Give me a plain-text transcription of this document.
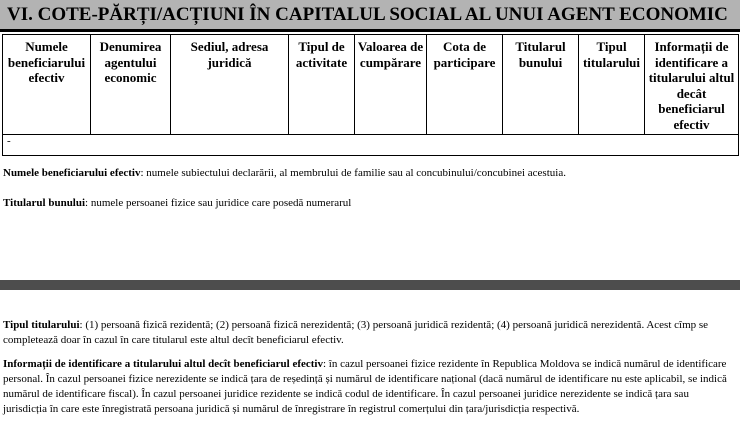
VI. COTE-PĂRȚI/ACȚIUNI ÎN CAPITALUL SOCIAL AL UNUI AGENT ECONOMIC
Numele beneficiarului efectiv	Denumirea agentului economic	Sediul, adresa juridică	Tipul de activitate	Valoarea de cumpărare	Cota de participare	Titularul bunului	Tipul titularului	Informații de identificare a titularului altul decât beneficiarul efectiv
-
Numele beneficiarului efectiv: numele subiectului declarării, al membrului de familie sau al concubinului/concubinei acestuia.
Titularul bunului: numele persoanei fizice sau juridice care posedă numerarul
Tipul titularului: (1) persoană fizică rezidentă; (2) persoană fizică nerezidentă; (3) persoană juridică rezidentă; (4) persoană juridică nerezidentă. Acest cîmp se completează doar în cazul în care titularul este altul decît beneficiarul efectiv.
Informații de identificare a titularului altul decît beneficiarul efectiv: în cazul persoanei fizice rezidente în Republica Moldova se indică numărul de identificare personal. În cazul persoanei fizice nerezidente se indică țara de reședință și numărul de identificare național (dacă numărul de identificare nu este aplicabil, se indică numărul de identificare fiscal). În cazul persoanei juridice rezidente se indică codul de identificare. În cazul persoanei juridice nerezidente se indică țara sau jurisdicția în care este înregistrată persoana juridică și numărul de înregistrare în registrul comerțului din țara/jurisdicția respectivă.
